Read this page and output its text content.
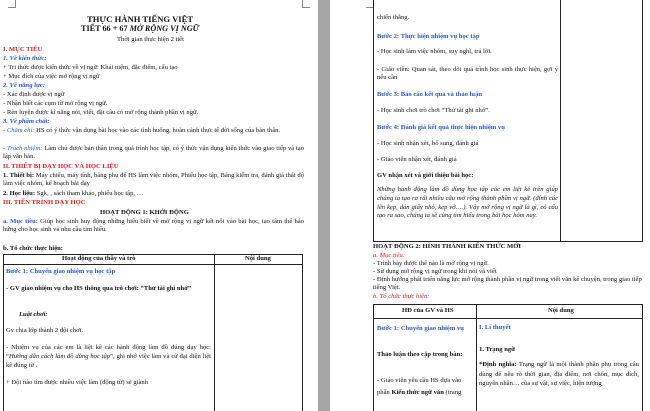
THỰC HÀNH TIẾNG VIỆT
TIẾT 66 + 67 MỞ RỘNG VỊ NGỮ
Thời gian thực hiện 2 tiết
I. MỤC TIÊU
1. Về kiến thức:
+ Tri thức được kiến thức về vị ngữ: Khái niệm, đặc điểm, cấu tạo
+ Mục đích của việc mở rộng vị ngữ
2. Về năng lực:
- Xác định được vị ngữ
- Nhận biết các cụm từ mở rộng vị ngữ.
- Rèn luyện được kĩ năng nói, viết, đặt câu có mở rộng thành phần vị ngữ.
3. Về phẩm chất:
- Chăm chỉ: HS có ý thức vận dụng bài học vào các tình huống, hoàn cảnh thực tế đời sống của bản thân.
- Trách nhiệm: Làm chủ được bản thân trong quá trình học tập, có ý thức vận dụng kiến thức vào giao tiếp và tạo lập văn bản.
II. THIẾT BỊ DẠY HỌC VÀ HỌC LIỆU
1. Thiết bị: Máy chiếu, máy tính, bảng phụ để HS làm việc nhóm, Phiếu học tập, Bảng kiểm tra, đánh giá thái độ làm việc nhóm, kế hoạch bài dạy
2. Học liệu: Sgk, , sách tham khảo, phiếu học tập, …
III. TIẾN TRÌNH DẠY HỌC
HOẠT ĐỘNG 1: KHỞI ĐỘNG
a. Mục tiêu: Giúp học sinh huy động những hiểu biết về mở rộng vị ngữ kết nối vào bài học, tạo tâm thế háo hứng cho học sinh và nhu cầu tìm hiểu.
b. Tổ chức thực hiện:
Hoạt động của thầy và trò	Nội dung
Bước 1: Chuyển giao nhiệm vụ học tập
- GV giao nhiệm vụ cho HS thông qua trò chơi: “Thử tài ghi nhớ”
Luật chơi:
Gv chia lớp thành 2 đội chơi.
- Nhiệm vụ của các em là liệt kê các hành động làm đồ đúng dạy học: “Hướng dẫn cách làm đồ dùng học tập”, ghi nhớ việc làm và cử đại diện liệt kê đúng từ .
+ Đội nào tìm được nhiều việc làm (động từ) sẽ giành
chiến thắng.
Bước 2: Thực hiện nhiệm vụ học tập
- Học sinh làm việc nhóm, suy nghĩ, trả lời.
- Giáo viên: Quan sát, theo dõi quá trình học sinh thực hiện, gợi ý nếu cần
Bước 3: Báo cáo kết quả và thảo luận
- Học sinh chơi trò chơi “Thử tài ghi nhớ”.
Bước 4: Đánh giá kết quả thực hiện nhiệm vụ
- Học sinh nhận xét, bổ sung, đánh giá
- Giáo viên nhận xét, đánh giá
GV nhận xét và giới thiệu bài học:
Những hành động làm đồ dùng học tập các em liệt kê trên giúp chúng ta tạo ra rất nhiều câu mở rộng thành phần vị ngữ. (đính các lên kẹp, dán giấy nhỏ, kẹp vở….). Vậy mở rộng vị ngữ là gì, có cấu tạo ra sao, chúng ta sẽ cùng tìm hiểu trong bài học hôm nay.
HOẠT ĐỘNG 2: HÌNH THÀNH KIẾN THỨC MỚI
a. Mục tiêu:
- Trình bày được thế nào là mở rộng vị ngữ.
- Sử dụng mở rộng vị ngữ trong khi nói và viết
- Định hướng phát triển năng lực mở rộng thành phần vị ngữ trong viết văn kể chuyện, trong giao tiếp tiếng Việt.
b. Tổ chức thực hiện:
HĐ của GV và HS	Nội dung
Bước 1: Chuyển giao nhiệm vụ
Thảo luận theo cặp trong bàn:
- Giáo viên yêu cầu HS dựa vào phần Kiến thức ngữ văn (trang
I. Lí thuyết
1. Trạng ngữ
*Định nghĩa: Trạng ngữ là một thành phần phụ trong câu dùng để nêu rõ thời gian, địa điểm, nơi chốn, mục đích, nguyên nhân… của sự vật, sự việc, hiện tượng
